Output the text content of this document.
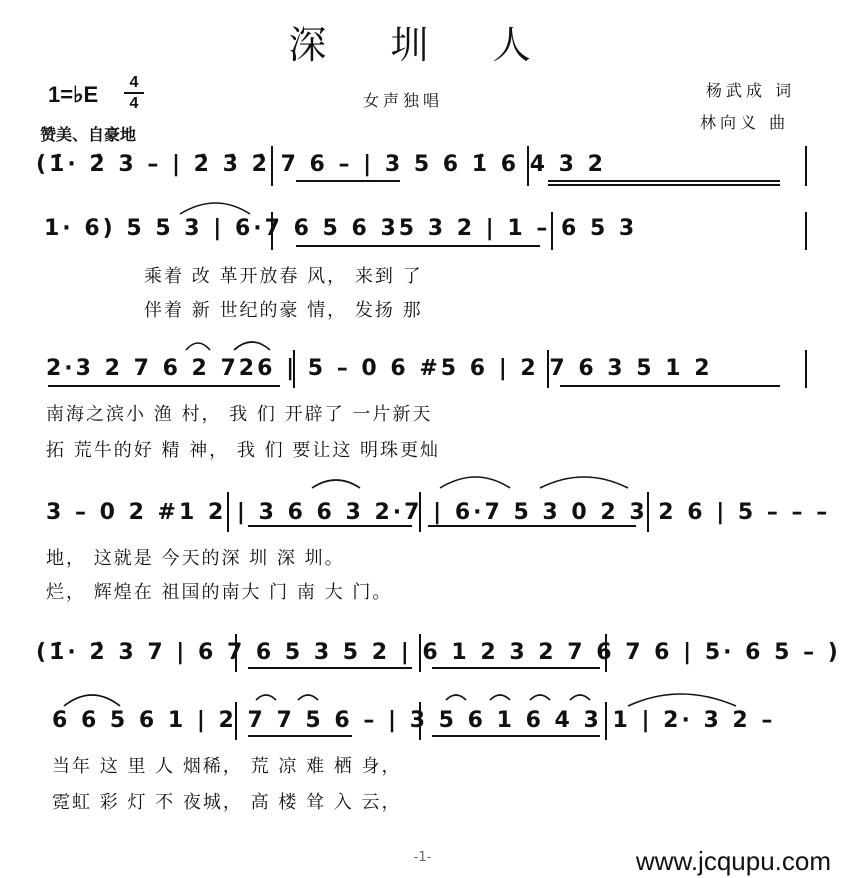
深 圳 人
1=♭E	4
4
赞美、自豪地
女声独唱
杨武成 词
林向义 曲
(1̇· 2̇ 3 – | 2̇ 3̇ 2̇ 7 6 – | 3 5 6 1̇ 6 4 3 2
1· 6) 5 5 3 | 6·7 6 5 6 35 3 2 | 1 – 6 5 3
乘着 改 革开放春 风， 来到 了
伴着 新 世纪的豪 情， 发扬 那
2·3 2 7 6 2 726 | 5 – 0 6 #5 6 | 2 7 6 3 5 1 2
南海之滨小 渔 村， 我 们 开辟了 一片新天
拓 荒牛的好 精 神， 我 们 要让这 明珠更灿
3 – 0 2 #1 2 | 3 6 6 3 2·7 | 6·7 5 3 0 2 3 2 6 | 5 – – –
地， 这就是 今天的深 圳 深 圳。
烂， 辉煌在 祖国的南大 门 南 大 门。
(1̇· 2̇ 3 7 | 6 7 6 5 3 5 2 | 6 1 2 3 2 7 6 7 6 | 5· 6 5 – )
6 6 5 6 1 | 2 7 7 5 6 – | 3 5 6 1 6 4 3 1 | 2· 3 2 –
当年 这 里 人 烟稀， 荒 凉 难 栖 身，
霓虹 彩 灯 不 夜城， 高 楼 耸 入 云，
-1-	www.jcqupu.com
